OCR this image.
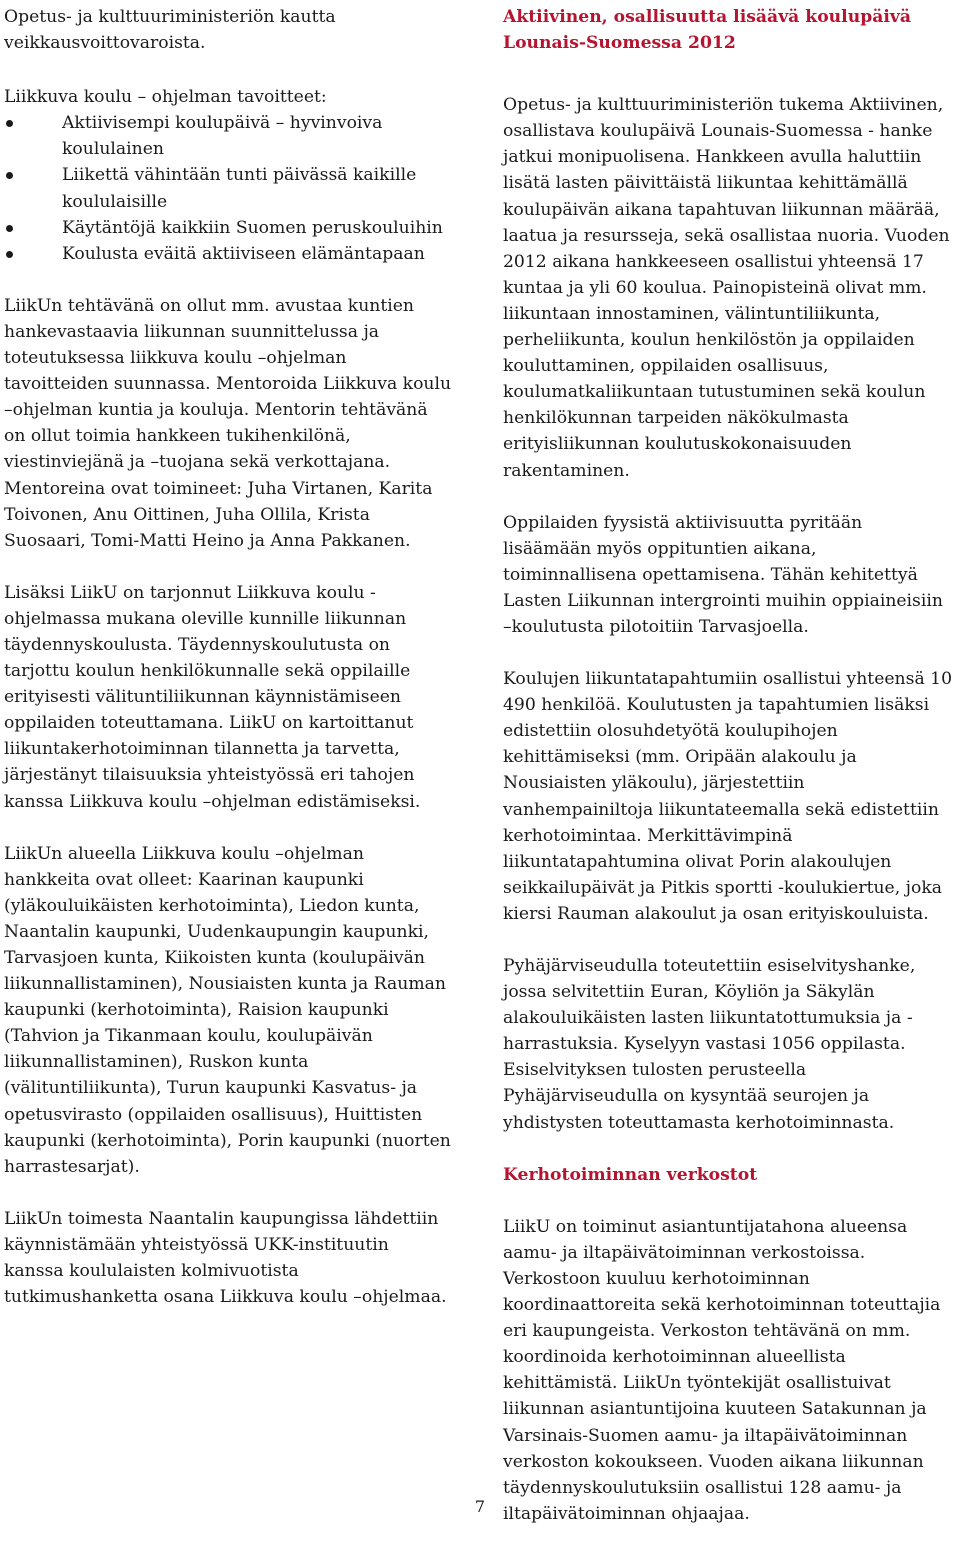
Opetus- ja kulttuuriministeriön kautta veikkausvoittovaroista.

Liikkuva koulu – ohjelman tavoitteet:

Aktiivisempi koulupäivä – hyvinvoiva koululainen
Liikettä vähintään tunti päivässä kaikille koululaisille
Käytäntöjä kaikkiin Suomen peruskouluihin
Koulusta eväitä aktiiviseen elämäntapaan

LiikUn tehtävänä on ollut mm. avustaa kuntien hankevastaavia liikunnan suunnittelussa ja toteutuksessa liikkuva koulu –ohjelman tavoitteiden suunnassa. Mentoroida Liikkuva koulu –ohjelman kuntia ja kouluja. Mentorin tehtävänä on ollut toimia hankkeen tukihenkilönä, viestinviejänä ja –tuojana sekä verkottajana. Mentoreina ovat toimineet: Juha Virtanen, Karita Toivonen, Anu Oittinen, Juha Ollila, Krista Suosaari, Tomi-Matti Heino ja Anna Pakkanen.

Lisäksi LiikU on tarjonnut Liikkuva koulu -ohjelmassa mukana oleville kunnille liikunnan täydennyskoulusta. Täydennyskoulutusta on tarjottu koulun henkilökunnalle sekä oppilaille erityisesti välituntiliikunnan käynnistämiseen oppilaiden toteuttamana. LiikU on kartoittanut liikuntakerhotoiminnan tilannetta ja tarvetta, järjestänyt tilaisuuksia yhteistyössä eri tahojen kanssa Liikkuva koulu –ohjelman edistämiseksi.

LiikUn alueella Liikkuva koulu –ohjelman hankkeita ovat olleet: Kaarinan kaupunki (yläkouluikäisten kerhotoiminta), Liedon kunta, Naantalin kaupunki, Uudenkaupungin kaupunki, Tarvasjoen kunta, Kiikoisten kunta (koulupäivän liikunnallistaminen), Nousiaisten kunta ja Rauman kaupunki (kerhotoiminta), Raision kaupunki (Tahvion ja Tikanmaan koulu, koulupäivän liikunnallistaminen), Ruskon kunta (välituntiliikunta), Turun kaupunki Kasvatus- ja opetusvirasto (oppilaiden osallisuus), Huittisten kaupunki (kerhotoiminta), Porin kaupunki (nuorten harrastesarjat).

LiikUn toimesta Naantalin kaupungissa lähdettiin käynnistämään yhteistyössä UKK-instituutin kanssa koululaisten kolmivuotista tutkimushanketta osana Liikkuva koulu –ohjelmaa.

Aktiivinen, osallisuutta lisäävä koulupäivä
Lounais-Suomessa 2012

Opetus- ja kulttuuriministeriön tukema Aktiivinen, osallistava koulupäivä Lounais-Suomessa - hanke jatkui monipuolisena. Hankkeen avulla haluttiin lisätä lasten päivittäistä liikuntaa kehittämällä koulupäivän aikana tapahtuvan liikunnan määrää, laatua ja resursseja, sekä osallistaa nuoria. Vuoden 2012 aikana hankkeeseen osallistui yhteensä 17 kuntaa ja yli 60 koulua. Painopisteinä olivat mm. liikuntaan innostaminen, välintuntiliikunta, perheliikunta, koulun henkilöstön ja oppilaiden kouluttaminen, oppilaiden osallisuus, koulumatkaliikuntaan tutustuminen sekä koulun henkilökunnan tarpeiden näkökulmasta erityisliikunnan koulutuskokonaisuuden rakentaminen.

Oppilaiden fyysistä aktiivisuutta pyritään lisäämään myös oppituntien aikana, toiminnallisena opettamisena. Tähän kehitettyä Lasten Liikunnan intergrointi muihin oppiaineisiin –koulutusta pilotoitiin Tarvasjoella.

Koulujen liikuntatapahtumiin osallistui yhteensä 10 490 henkilöä. Koulutusten ja tapahtumien lisäksi edistettiin olosuhdetyötä koulupihojen kehittämiseksi (mm. Oripään alakoulu ja Nousiaisten yläkoulu), järjestettiin vanhempainiltoja liikuntateemalla sekä edistettiin kerhotoimintaa. Merkittävimpinä liikuntatapahtumina olivat Porin alakoulujen seikkailupäivät ja Pitkis sportti -koulukiertue, joka kiersi Rauman alakoulut ja osan erityiskouluista.

Pyhäjärviseudulla toteutettiin esiselvityshanke, jossa selvitettiin Euran, Köyliön ja Säkylän alakouluikäisten lasten liikuntatottumuksia ja -harrastuksia. Kyselyyn vastasi 1056 oppilasta. Esiselvityksen tulosten perusteella Pyhäjärviseudulla on kysyntää seurojen ja yhdistysten toteuttamasta kerhotoiminnasta.

Kerhotoiminnan verkostot

LiikU on toiminut asiantuntijatahona alueensa aamu- ja iltapäivätoiminnan verkostoissa. Verkostoon kuuluu kerhotoiminnan koordinaattoreita sekä kerhotoiminnan toteuttajia eri kaupungeista. Verkoston tehtävänä on mm. koordinoida kerhotoiminnan alueellista kehittämistä. LiikUn työntekijät osallistuivat liikunnan asiantuntijoina kuuteen Satakunnan ja Varsinais-Suomen aamu- ja iltapäivätoiminnan verkoston kokoukseen. Vuoden aikana liikunnan täydennyskoulutuksiin osallistui 128 aamu- ja iltapäivätoiminnan ohjaajaa.

7
